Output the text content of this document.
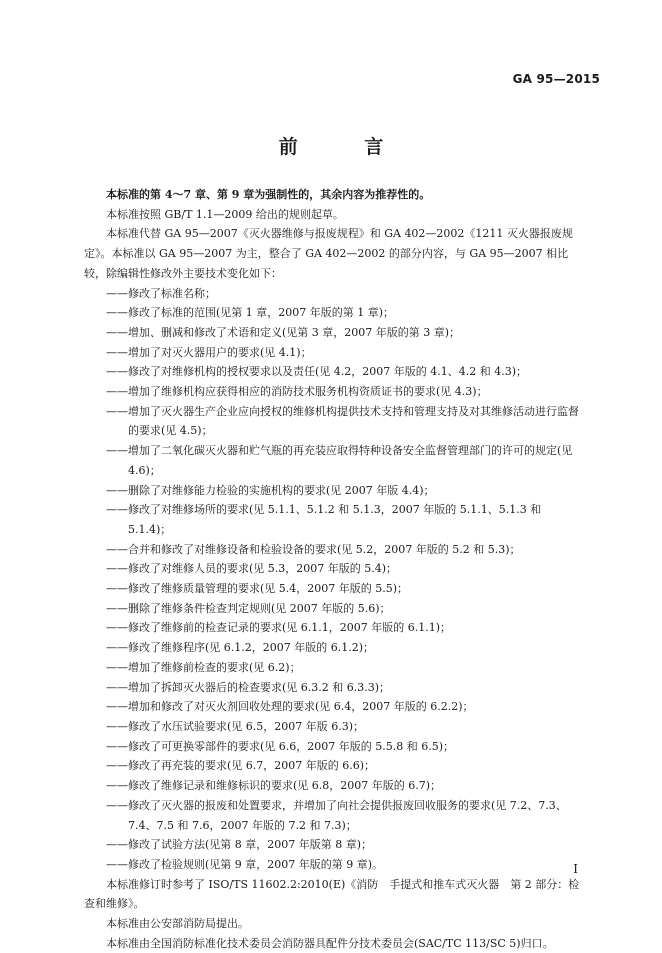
GA 95—2015
前 言

本标准的第 4～7 章、第 9 章为强制性的，其余内容为推荐性的。

本标准按照 GB/T 1.1—2009 给出的规则起草。

本标准代替 GA 95—2007《灭火器维修与报废规程》和 GA 402—2002《1211 灭火器报废规定》。本标准以 GA 95—2007 为主，整合了 GA 402—2002 的部分内容，与 GA 95—2007 相比较，除编辑性修改外主要技术变化如下：

——修改了标准名称；

——修改了标准的范围(见第 1 章，2007 年版的第 1 章)；

——增加、删减和修改了术语和定义(见第 3 章，2007 年版的第 3 章)；

——增加了对灭火器用户的要求(见 4.1)；

——修改了对维修机构的授权要求以及责任(见 4.2，2007 年版的 4.1、4.2 和 4.3)；

——增加了维修机构应获得相应的消防技术服务机构资质证书的要求(见 4.3)；

——增加了灭火器生产企业应向授权的维修机构提供技术支持和管理支持及对其维修活动进行监督的要求(见 4.5)；

——增加了二氧化碳灭火器和贮气瓶的再充装应取得特种设备安全监督管理部门的许可的规定(见 4.6)；

——删除了对维修能力检验的实施机构的要求(见 2007 年版 4.4)；

——修改了对维修场所的要求(见 5.1.1、5.1.2 和 5.1.3，2007 年版的 5.1.1、5.1.3 和 5.1.4)；

——合并和修改了对维修设备和检验设备的要求(见 5.2，2007 年版的 5.2 和 5.3)；

——修改了对维修人员的要求(见 5.3，2007 年版的 5.4)；

——修改了维修质量管理的要求(见 5.4，2007 年版的 5.5)；

——删除了维修条件检查判定规则(见 2007 年版的 5.6)；

——修改了维修前的检查记录的要求(见 6.1.1，2007 年版的 6.1.1)；

——修改了维修程序(见 6.1.2，2007 年版的 6.1.2)；

——增加了维修前检查的要求(见 6.2)；

——增加了拆卸灭火器后的检查要求(见 6.3.2 和 6.3.3)；

——增加和修改了对灭火剂回收处理的要求(见 6.4，2007 年版的 6.2.2)；

——修改了水压试验要求(见 6.5，2007 年版 6.3)；

——修改了可更换零部件的要求(见 6.6，2007 年版的 5.5.8 和 6.5)；

——修改了再充装的要求(见 6.7，2007 年版的 6.6)；

——修改了维修记录和维修标识的要求(见 6.8，2007 年版的 6.7)；

——修改了灭火器的报废和处置要求，并增加了向社会提供报废回收服务的要求(见 7.2、7.3、7.4、7.5 和 7.6，2007 年版的 7.2 和 7.3)；

——修改了试验方法(见第 8 章，2007 年版第 8 章)；

——修改了检验规则(见第 9 章，2007 年版的第 9 章)。

本标准修订时参考了 ISO/TS 11602.2:2010(E)《消防　手提式和推车式灭火器　第 2 部分：检查和维修》。

本标准由公安部消防局提出。

本标准由全国消防标准化技术委员会消防器具配件分技术委员会(SAC/TC 113/SC 5)归口。

I
